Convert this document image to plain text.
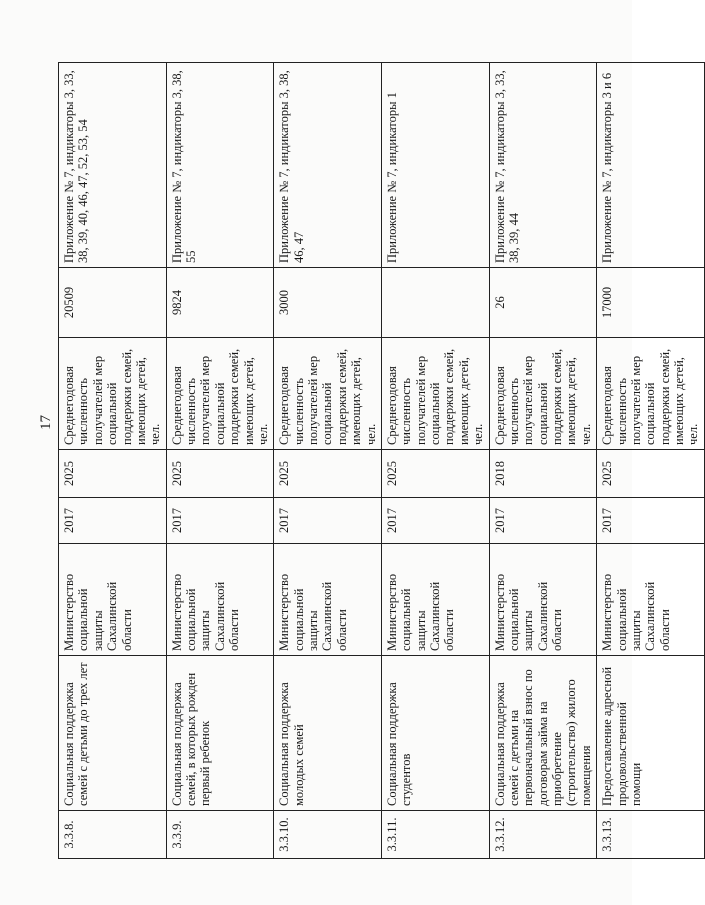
17
3.3.8.	Социальная поддержка семей с детьми до трех лет	Министерство социальной защиты Сахалинской области	2017	2025	Среднегодовая численность получателей мер социальной поддержки семей, имеющих детей, чел.	20509	Приложение № 7, индикаторы 3, 33, 38, 39, 40, 46, 47, 52, 53, 54
3.3.9.	Социальная поддержка семей, в которых рожден первый ребенок	Министерство социальной защиты Сахалинской области	2017	2025	Среднегодовая численность получателей мер социальной поддержки семей, имеющих детей, чел.	9824	Приложение № 7, индикаторы 3, 38, 55
3.3.10.	Социальная поддержка молодых семей	Министерство социальной защиты Сахалинской области	2017	2025	Среднегодовая численность получателей мер социальной поддержки семей, имеющих детей, чел.	3000	Приложение № 7, индикаторы 3, 38, 46, 47
3.3.11.	Социальная поддержка студентов	Министерство социальной защиты Сахалинской области	2017	2025	Среднегодовая численность получателей мер социальной поддержки семей, имеющих детей, чел.		Приложение № 7, индикаторы 1
3.3.12.	Социальная поддержка семей с детьми на первоначальный взнос по договорам займа на приобретение (строительство) жилого помещения	Министерство социальной защиты Сахалинской области	2017	2018	Среднегодовая численность получателей мер социальной поддержки семей, имеющих детей, чел.	26	Приложение № 7, индикаторы 3, 33, 38, 39, 44
3.3.13.	Предоставление адресной продовольственной помощи	Министерство социальной защиты Сахалинской области	2017	2025	Среднегодовая численность получателей мер социальной поддержки семей, имеющих детей, чел.	17000	Приложение № 7, индикаторы 3 и 6
